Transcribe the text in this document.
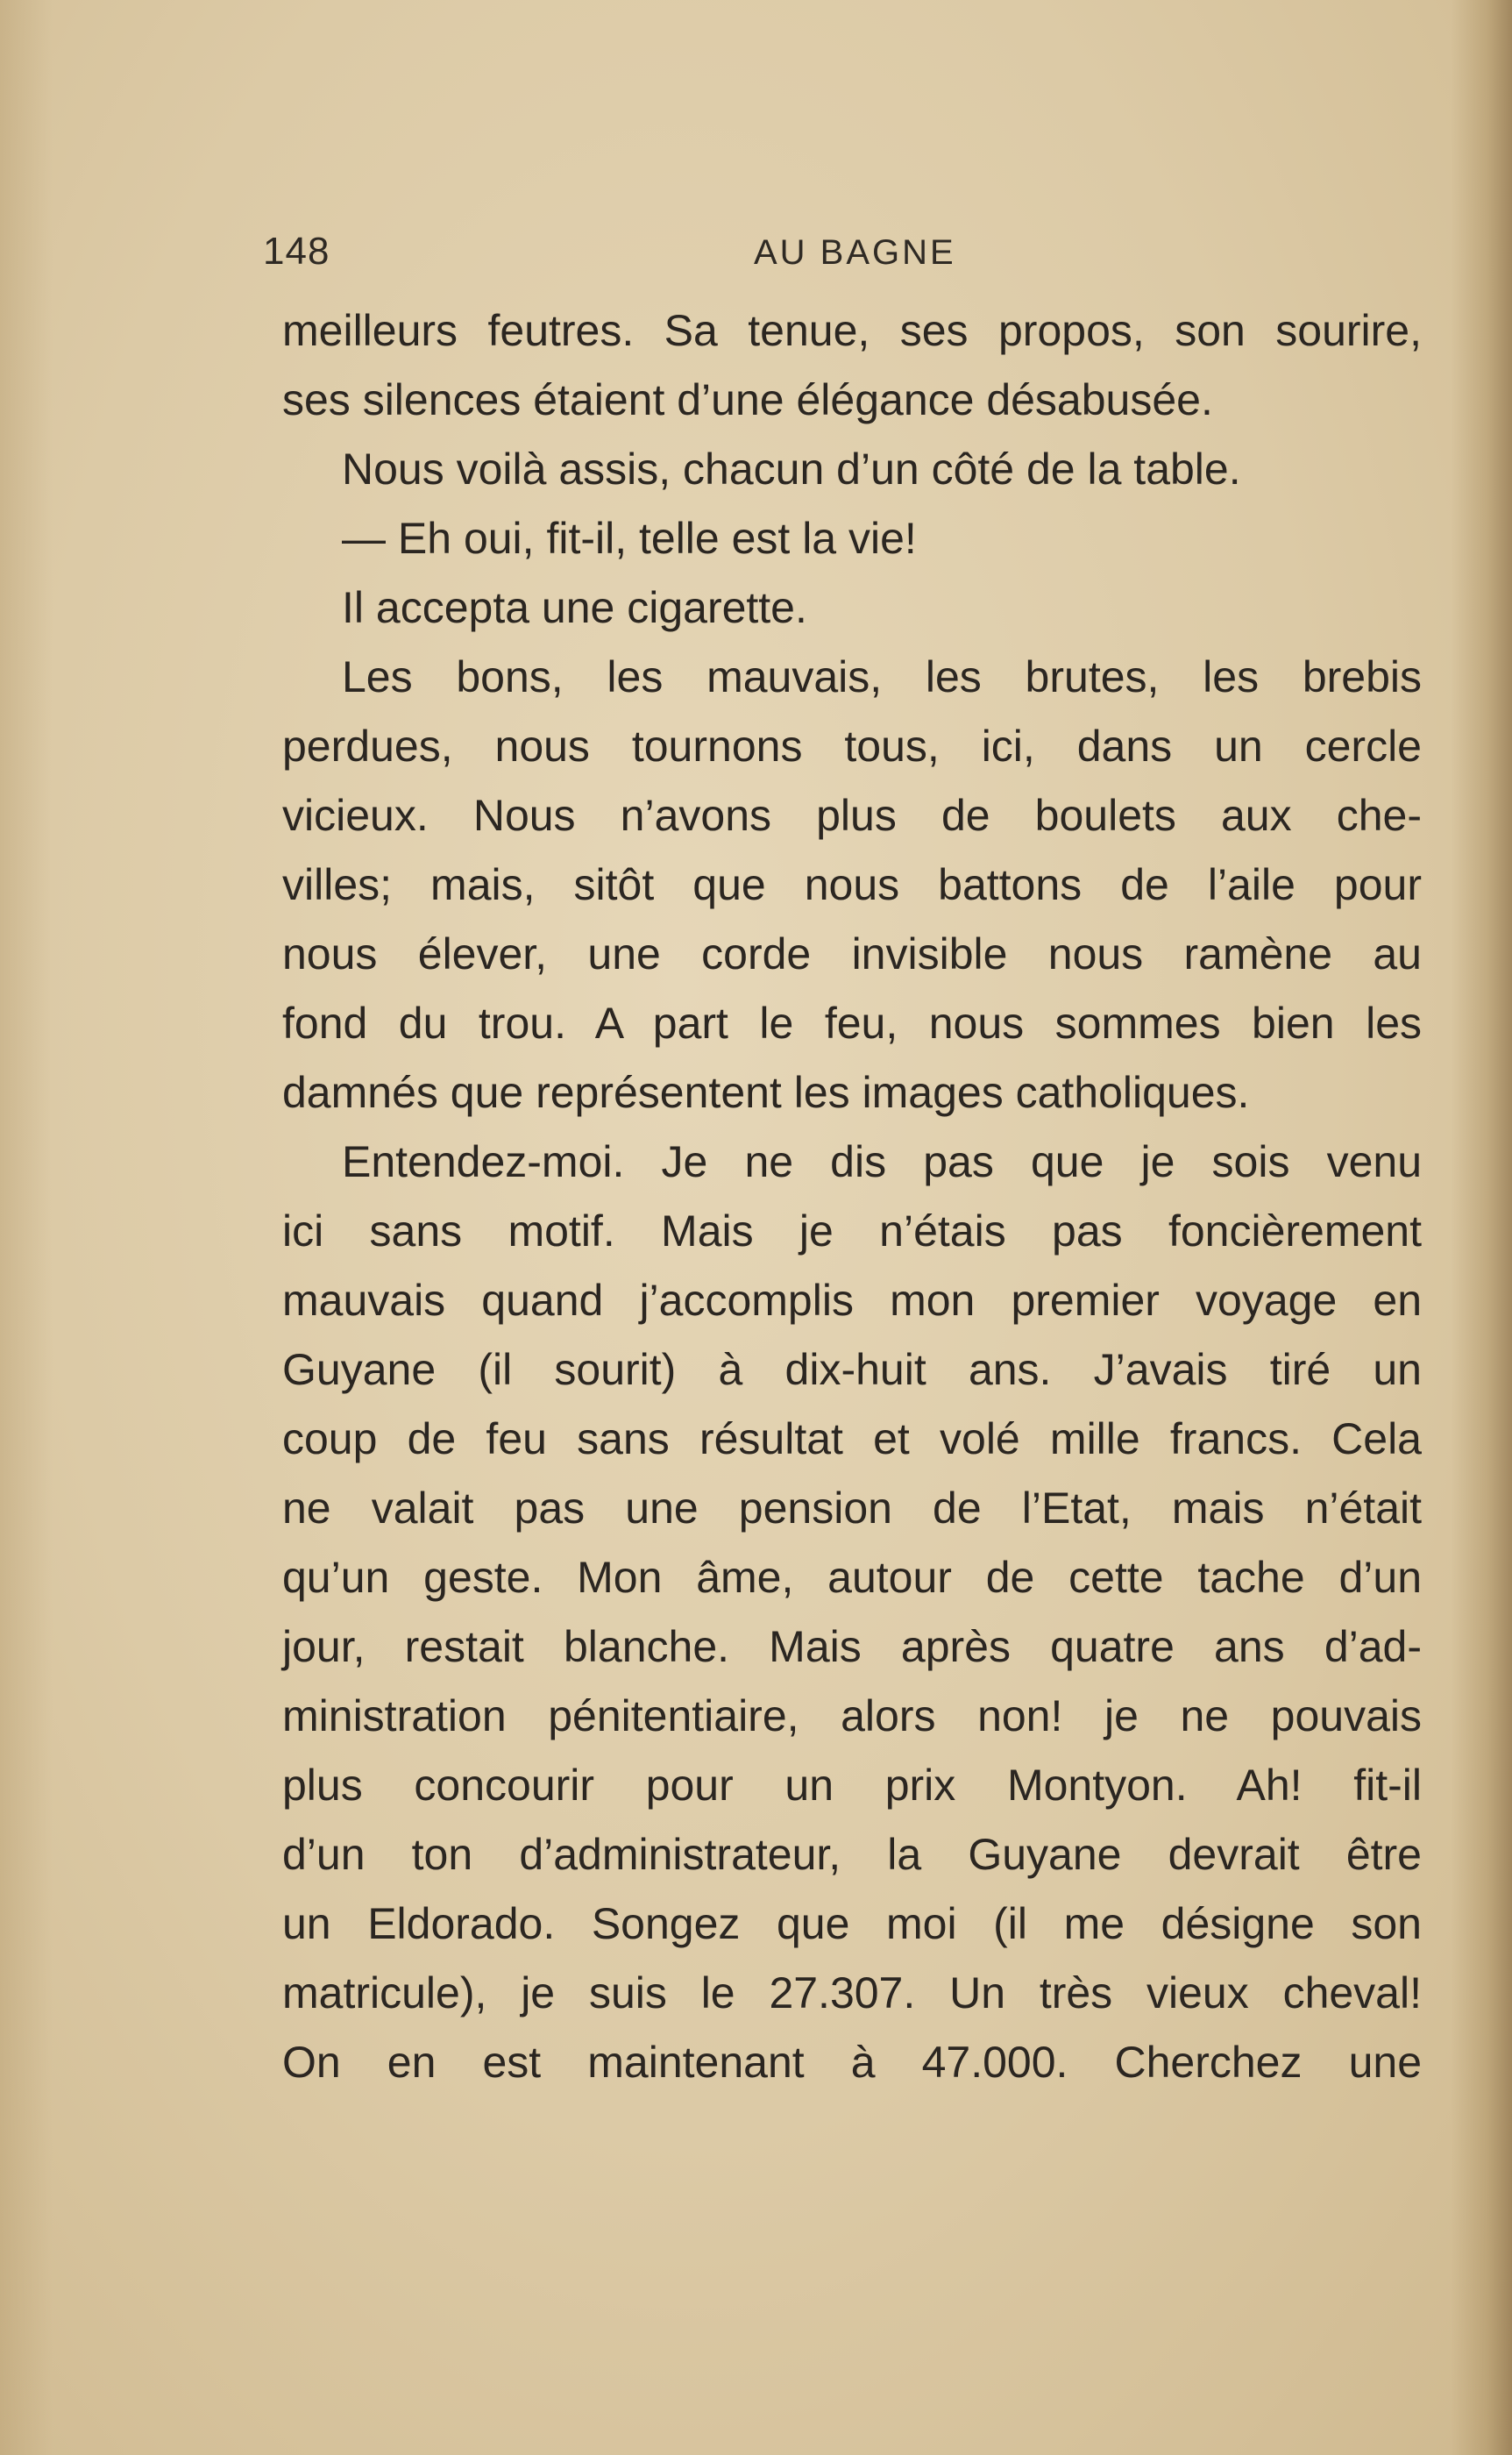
148	AU BAGNE
meilleurs feutres. Sa tenue, ses propos, son sourire,
ses silences étaient d’une élégance désabusée.
Nous voilà assis, chacun d’un côté de la table.
— Eh oui, fit-il, telle est la vie!
Il accepta une cigarette.
Les bons, les mauvais, les brutes, les brebis
perdues, nous tournons tous, ici, dans un cercle
vicieux. Nous n’avons plus de boulets aux che-
villes; mais, sitôt que nous battons de l’aile pour
nous élever, une corde invisible nous ramène au
fond du trou. A part le feu, nous sommes bien les
damnés que représentent les images catholiques.
Entendez-moi. Je ne dis pas que je sois venu
ici sans motif. Mais je n’étais pas foncièrement
mauvais quand j’accomplis mon premier voyage en
Guyane (il sourit) à dix-huit ans. J’avais tiré un
coup de feu sans résultat et volé mille francs. Cela
ne valait pas une pension de l’Etat, mais n’était
qu’un geste. Mon âme, autour de cette tache d’un
jour, restait blanche. Mais après quatre ans d’ad-
ministration pénitentiaire, alors non! je ne pouvais
plus concourir pour un prix Montyon. Ah! fit-il
d’un ton d’administrateur, la Guyane devrait être
un Eldorado. Songez que moi (il me désigne son
matricule), je suis le 27.307. Un très vieux cheval!
On en est maintenant à 47.000. Cherchez une
